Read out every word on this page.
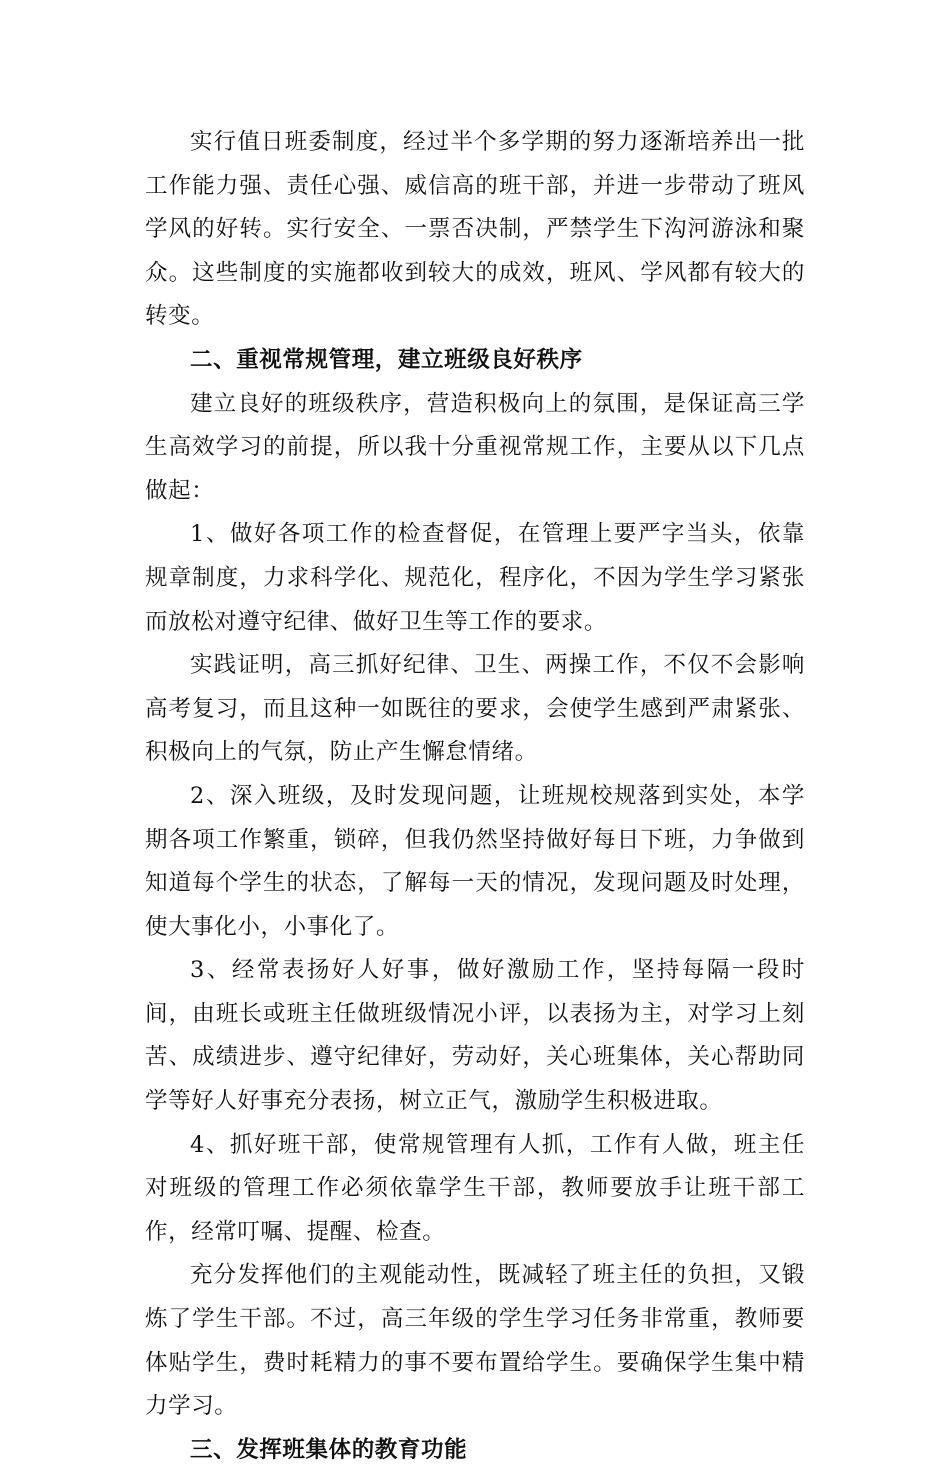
实行值日班委制度，经过半个多学期的努力逐渐培养出一批工作能力强、责任心强、威信高的班干部，并进一步带动了班风学风的好转。实行安全、一票否决制，严禁学生下沟河游泳和聚众。这些制度的实施都收到较大的成效，班风、学风都有较大的转变。

二、重视常规管理，建立班级良好秩序

建立良好的班级秩序，营造积极向上的氛围，是保证高三学生高效学习的前提，所以我十分重视常规工作，主要从以下几点做起：

1、做好各项工作的检查督促，在管理上要严字当头，依靠规章制度，力求科学化、规范化，程序化，不因为学生学习紧张而放松对遵守纪律、做好卫生等工作的要求。

实践证明，高三抓好纪律、卫生、两操工作，不仅不会影响高考复习，而且这种一如既往的要求，会使学生感到严肃紧张、积极向上的气氛，防止产生懈怠情绪。

2、深入班级，及时发现问题，让班规校规落到实处，本学期各项工作繁重，锁碎，但我仍然坚持做好每日下班，力争做到知道每个学生的状态，了解每一天的情况，发现问题及时处理，使大事化小，小事化了。

3、经常表扬好人好事，做好激励工作，坚持每隔一段时间，由班长或班主任做班级情况小评，以表扬为主，对学习上刻苦、成绩进步、遵守纪律好，劳动好，关心班集体，关心帮助同学等好人好事充分表扬，树立正气，激励学生积极进取。

4、抓好班干部，使常规管理有人抓，工作有人做，班主任对班级的管理工作必须依靠学生干部，教师要放手让班干部工作，经常叮嘱、提醒、检查。

充分发挥他们的主观能动性，既减轻了班主任的负担，又锻炼了学生干部。不过，高三年级的学生学习任务非常重，教师要体贴学生，费时耗精力的事不要布置给学生。要确保学生集中精力学习。

三、发挥班集体的教育功能
